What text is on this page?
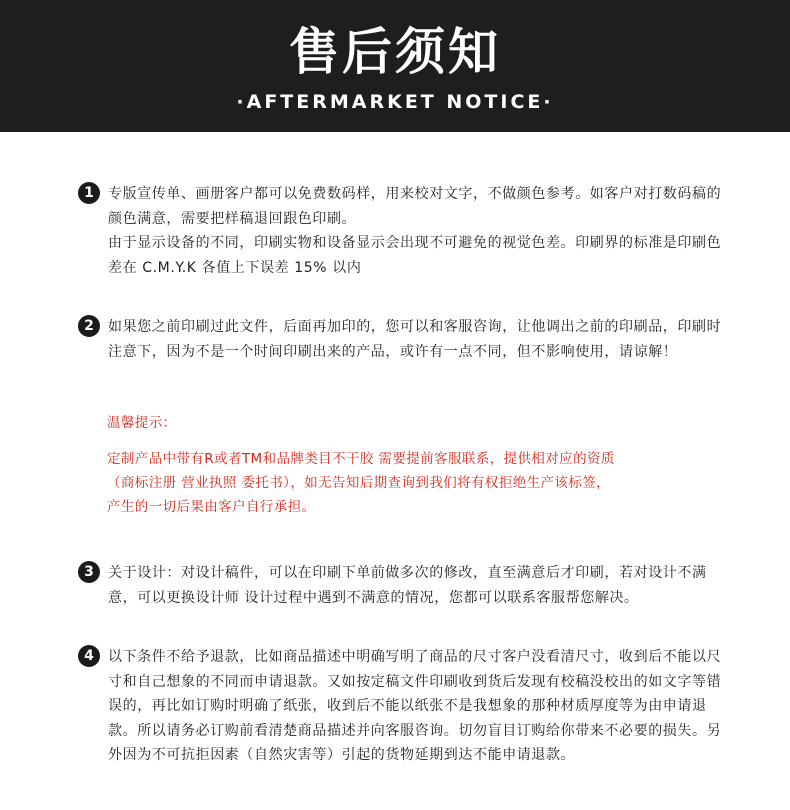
售后须知
·AFTERMARKET NOTICE·
1	专版宣传单、画册客户都可以免费数码样，用来校对文字，不做颜色参考。如客户对打数码稿的颜色满意，需要把样稿退回跟色印刷。

由于显示设备的不同，印刷实物和设备显示会出现不可避免的视觉色差。印刷界的标准是印刷色差在 C.M.Y.K 各值上下误差 15% 以内

2	如果您之前印刷过此文件，后面再加印的，您可以和客服咨询，让他调出之前的印刷品，印刷时注意下，因为不是一个时间印刷出来的产品，或许有一点不同，但不影响使用，请谅解！

温馨提示：

定制产品中带有R或者TM和品牌类目不干胶 需要提前客服联系，提供相对应的资质

（商标注册 营业执照 委托书），如无告知后期查询到我们将有权拒绝生产该标签，

产生的一切后果由客户自行承担。

3	关于设计：对设计稿件，可以在印刷下单前做多次的修改，直至满意后才印刷，若对设计不满意，可以更换设计师 设计过程中遇到不满意的情况，您都可以联系客服帮您解决。

4	以下条件不给予退款，比如商品描述中明确写明了商品的尺寸客户没看清尺寸，收到后不能以尺寸和自己想象的不同而申请退款。又如按定稿文件印刷收到货后发现有校稿没校出的如文字等错误的，再比如订购时明确了纸张，收到后不能以纸张不是我想象的那种材质厚度等为由申请退款。所以请务必订购前看清楚商品描述并向客服咨询。切勿盲目订购给你带来不必要的损失。另外因为不可抗拒因素（自然灾害等）引起的货物延期到达不能申请退款。
